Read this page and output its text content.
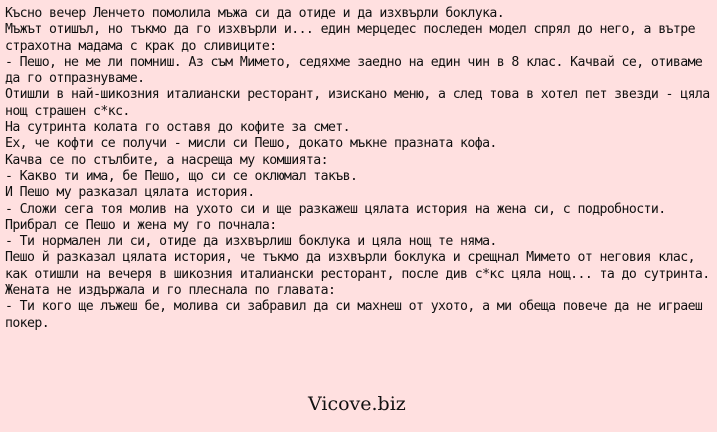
Късно вечер Ленчето помолила мъжа си да отиде и да изхвърли боклука.

Мъжът отишъл, но тъкмо да го изхвърли и... един мерцедес последен модел спрял до него, а вътре страхотна мадама с крак до сливиците:

- Пешо, не ме ли помниш. Аз съм Мимето, седяхме заедно на един чин в 8 клас. Качвай се, отиваме да го отпразнуваме.

Отишли в най-шикозния италиански ресторант, изискано меню, а след това в хотел пет звезди - цяла нощ страшен с*кс.

На сутринта колата го оставя до кофите за смет.

Ех, че кофти се получи - мисли си Пешо, докато мъкне празната кофа.

Качва се по стълбите, а насреща му комшията:

- Какво ти има, бе Пешо, що си се оклюмал такъв.

И Пешо му разказал цялата история.

- Сложи сега тоя молив на ухото си и ще разкажеш цялата история на жена си, с подробности.

Прибрал се Пешо и жена му го почнала:

- Ти нормален ли си, отиде да изхвърлиш боклука и цяла нощ те няма.

Пешо й разказал цялата история, че тъкмо да изхвърли боклука и срещнал Мимето от неговия клас, как отишли на вечеря в шикозния италиански ресторант, после див с*кс цяла нощ... та до сутринта.

Жената не издържала и го плеснала по главата:

- Ти кого ще лъжеш бе, молива си забравил да си махнеш от ухото, а ми обеща повече да не играеш покер.

Vicove.biz
